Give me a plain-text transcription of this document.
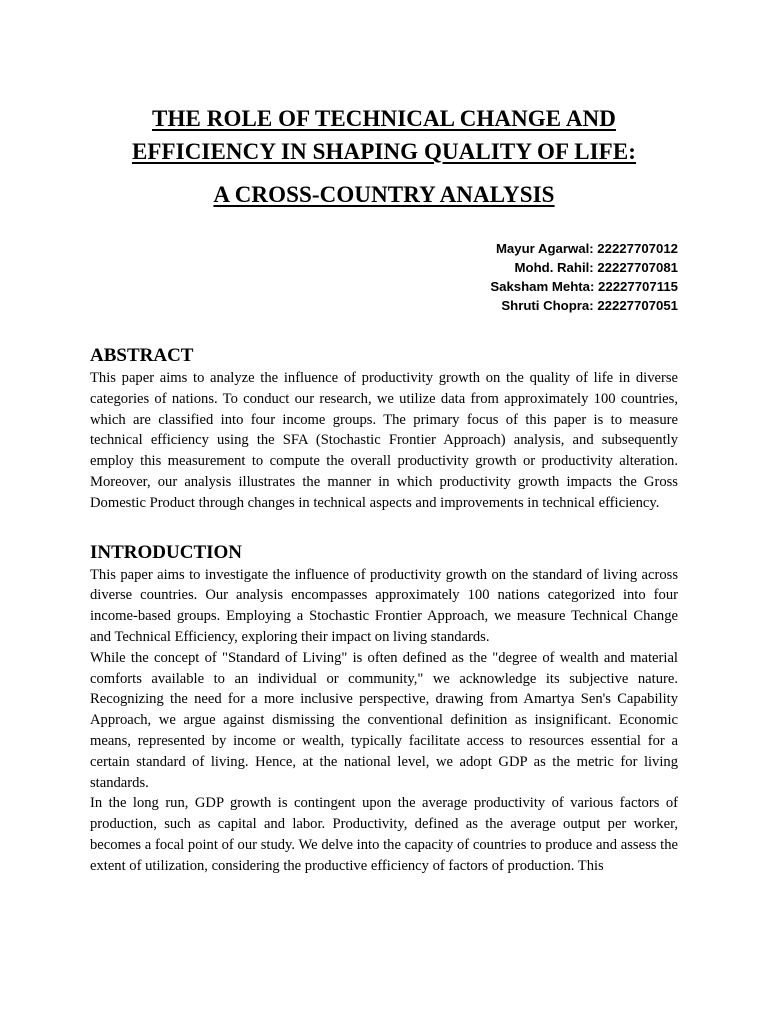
THE ROLE OF TECHNICAL CHANGE AND

EFFICIENCY IN SHAPING QUALITY OF LIFE:

A CROSS-COUNTRY ANALYSIS

Mayur Agarwal: 22227707012
Mohd. Rahil: 22227707081
Saksham Mehta: 22227707115
Shruti Chopra: 22227707051
ABSTRACT

This paper aims to analyze the influence of productivity growth on the quality of life in diverse categories of nations. To conduct our research, we utilize data from approximately 100 countries, which are classified into four income groups. The primary focus of this paper is to measure technical efficiency using the SFA (Stochastic Frontier Approach) analysis, and subsequently employ this measurement to compute the overall productivity growth or productivity alteration. Moreover, our analysis illustrates the manner in which productivity growth impacts the Gross Domestic Product through changes in technical aspects and improvements in technical efficiency.

INTRODUCTION

This paper aims to investigate the influence of productivity growth on the standard of living across diverse countries. Our analysis encompasses approximately 100 nations categorized into four income-based groups. Employing a Stochastic Frontier Approach, we measure Technical Change and Technical Efficiency, exploring their impact on living standards.

While the concept of "Standard of Living" is often defined as the "degree of wealth and material comforts available to an individual or community," we acknowledge its subjective nature. Recognizing the need for a more inclusive perspective, drawing from Amartya Sen's Capability Approach, we argue against dismissing the conventional definition as insignificant. Economic means, represented by income or wealth, typically facilitate access to resources essential for a certain standard of living. Hence, at the national level, we adopt GDP as the metric for living standards.

In the long run, GDP growth is contingent upon the average productivity of various factors of production, such as capital and labor. Productivity, defined as the average output per worker, becomes a focal point of our study. We delve into the capacity of countries to produce and assess the extent of utilization, considering the productive efficiency of factors of production. This
